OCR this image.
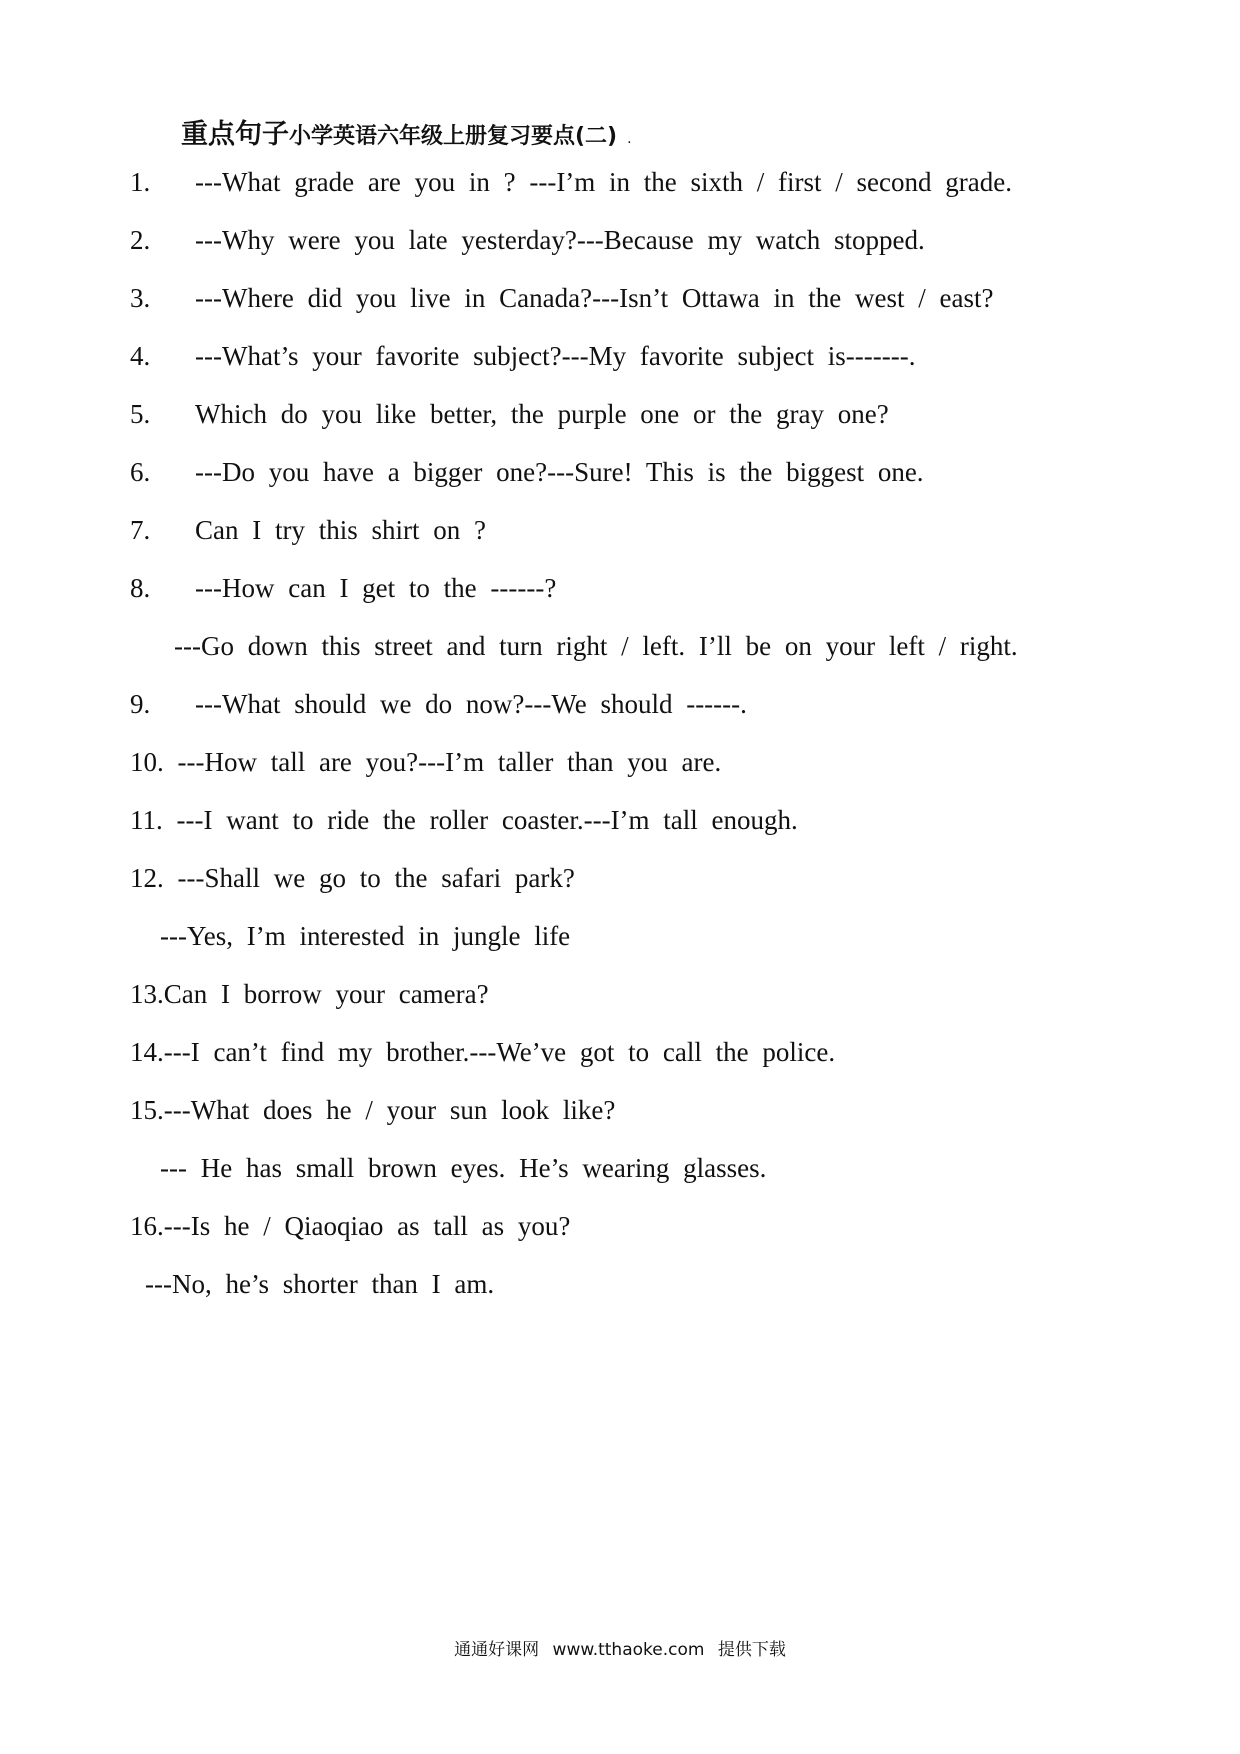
重点句子小学英语六年级上册复习要点(二) .
1. ---What grade are you in ? ---I’m in the sixth / first / second grade.
2. ---Why were you late yesterday?---Because my watch stopped.
3. ---Where did you live in Canada?---Isn’t Ottawa in the west / east?
4. ---What’s your favorite subject?---My favorite subject is-------.
5. Which do you like better, the purple one or the gray one?
6. ---Do you have a bigger one?---Sure! This is the biggest one.
7. Can I try this shirt on ?
8. ---How can I get to the ------?
---Go down this street and turn right / left. I’ll be on your left / right.
9. ---What should we do now?---We should ------.
10. ---How tall are you?---I’m taller than you are.
11. ---I want to ride the roller coaster.---I’m tall enough.
12. ---Shall we go to the safari park?
---Yes, I’m interested in jungle life
13.Can I borrow your camera?
14.---I can’t find my brother.---We’ve got to call the police.
15.---What does he / your sun look like?
--- He has small brown eyes. He’s wearing glasses.
16.---Is he / Qiaoqiao as tall as you?
---No, he’s shorter than I am.
通通好课网 www.tthaoke.com 提供下载
